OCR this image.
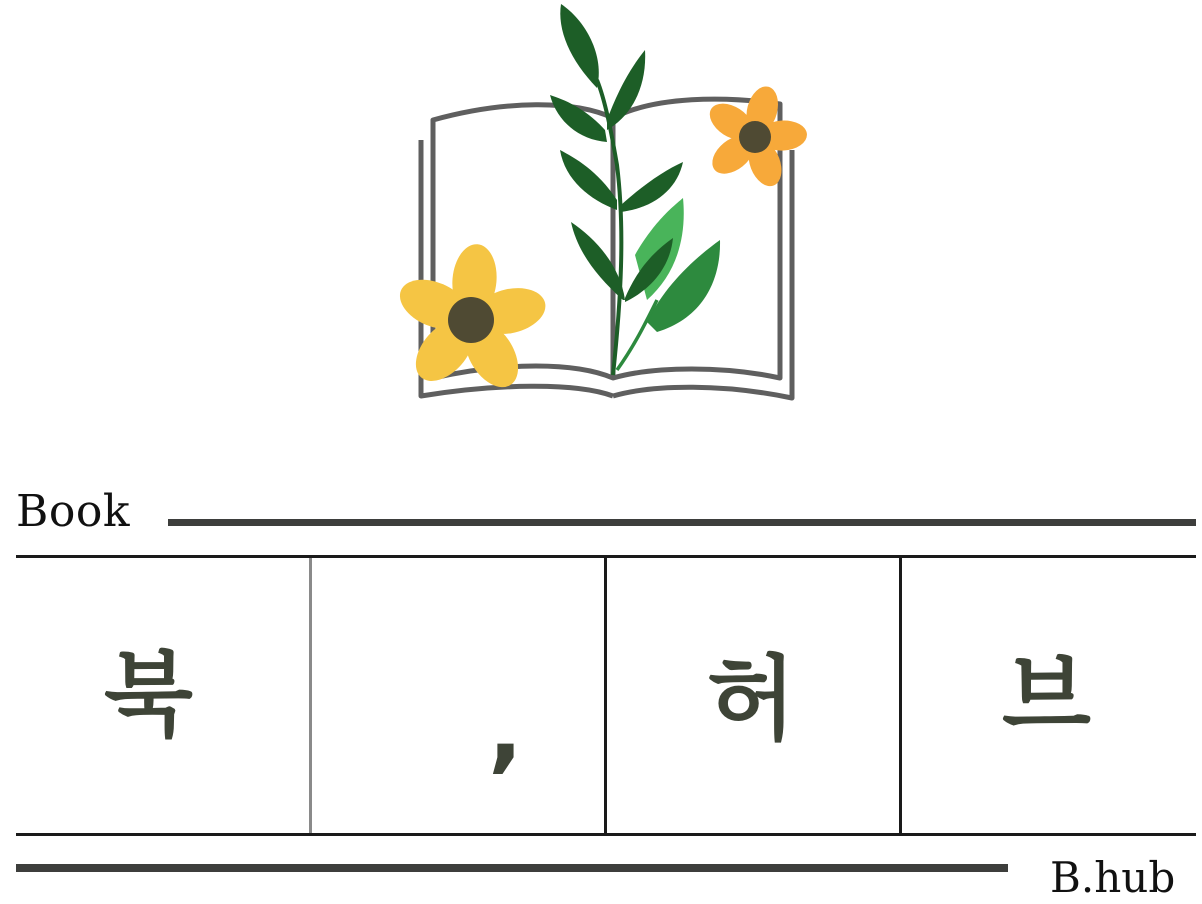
Book
북	, 허 브
B.hub
